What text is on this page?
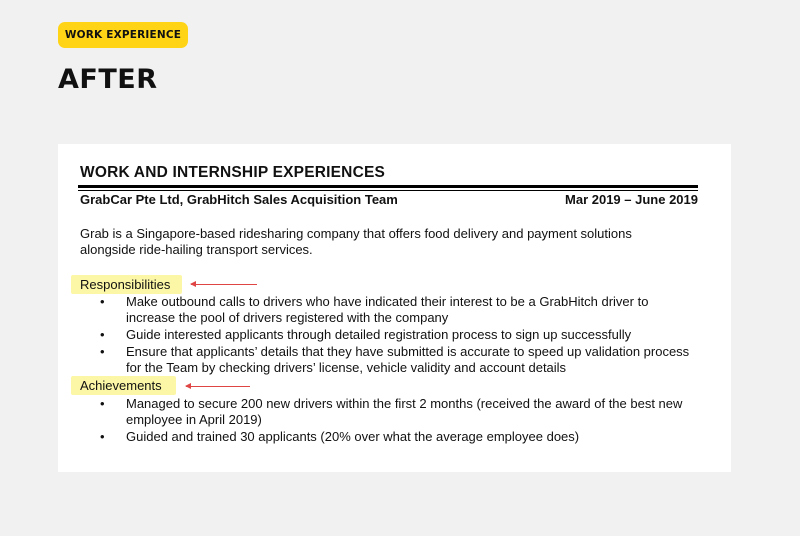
WORK EXPERIENCE
AFTER
WORK AND INTERNSHIP EXPERIENCES
GrabCar Pte Ltd, GrabHitch Sales Acquisition Team	Mar 2019 – June 2019
Grab is a Singapore-based ridesharing company that offers food delivery and payment solutions alongside ride-hailing transport services.
Responsibilities
• Make outbound calls to drivers who have indicated their interest to be a GrabHitch driver to increase the pool of drivers registered with the company
• Guide interested applicants through detailed registration process to sign up successfully
• Ensure that applicants’ details that they have submitted is accurate to speed up validation process for the Team by checking drivers’ license, vehicle validity and account details
Achievements
• Managed to secure 200 new drivers within the first 2 months (received the award of the best new employee in April 2019)
• Guided and trained 30 applicants (20% over what the average employee does)
